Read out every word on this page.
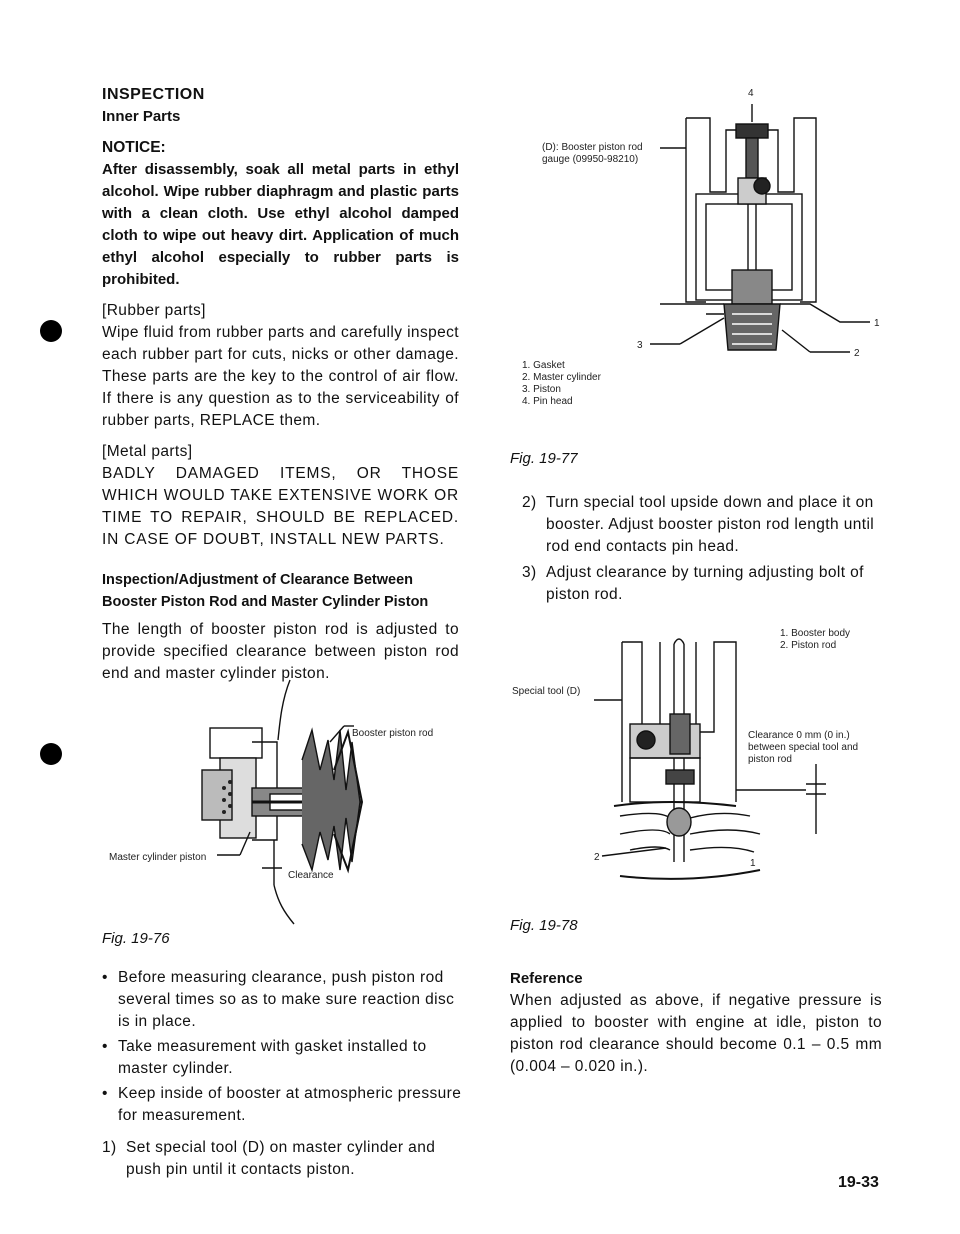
INSPECTION
Inner Parts
NOTICE:
After disassembly, soak all metal parts in ethyl alcohol. Wipe rubber diaphragm and plastic parts with a clean cloth. Use ethyl alcohol damped cloth to wipe out heavy dirt. Application of much ethyl alcohol especially to rubber parts is prohibited.
[Rubber parts]
Wipe fluid from rubber parts and carefully inspect each rubber part for cuts, nicks or other damage. These parts are the key to the control of air flow. If there is any question as to the serviceability of rubber parts, REPLACE them.
[Metal parts]
BADLY DAMAGED ITEMS, OR THOSE WHICH WOULD TAKE EXTENSIVE WORK OR TIME TO REPAIR, SHOULD BE REPLACED. IN CASE OF DOUBT, INSTALL NEW PARTS.
Inspection/Adjustment of Clearance Between Booster Piston Rod and Master Cylinder Piston
The length of booster piston rod is adjusted to provide specified clearance between piston rod end and master cylinder piston.
Booster piston rod
Master cylinder piston
Clearance
Fig. 19-76
• Before measuring clearance, push piston rod several times so as to make sure reaction disc is in place.
• Take measurement with gasket installed to master cylinder.
• Keep inside of booster at atmospheric pressure for measurement.
1) Set special tool (D) on master cylinder and push pin until it contacts piston.
4
3
1
2
(D): Booster piston rod gauge (09950-98210)
1. Gasket
2. Master cylinder
3. Piston
4. Pin head
Fig. 19-77
2) Turn special tool upside down and place it on booster. Adjust booster piston rod length until rod end contacts pin head.
3) Adjust clearance by turning adjusting bolt of piston rod.
2
1
1. Booster body
2. Piston rod
Special tool (D)
Clearance 0 mm (0 in.) between special tool and piston rod
Fig. 19-78
Reference
When adjusted as above, if negative pressure is applied to booster with engine at idle, piston to piston rod clearance should become 0.1 – 0.5 mm (0.004 – 0.020 in.).
19-33
